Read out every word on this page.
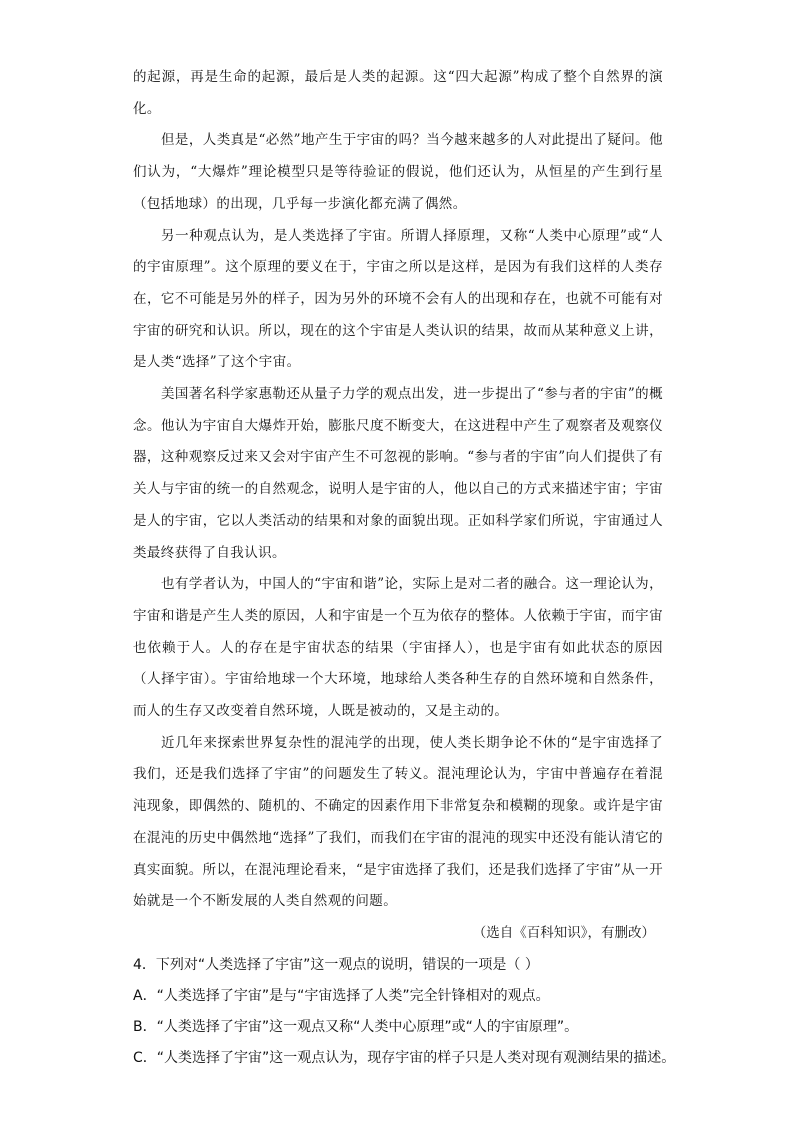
的起源，再是生命的起源，最后是人类的起源。这“四大起源”构成了整个自然界的演化。

但是，人类真是“必然”地产生于宇宙的吗？当今越来越多的人对此提出了疑问。他们认为，“大爆炸”理论模型只是等待验证的假说，他们还认为，从恒星的产生到行星（包括地球）的出现，几乎每一步演化都充满了偶然。

另一种观点认为，是人类选择了宇宙。所谓人择原理，又称“人类中心原理”或“人的宇宙原理”。这个原理的要义在于，宇宙之所以是这样，是因为有我们这样的人类存在，它不可能是另外的样子，因为另外的环境不会有人的出现和存在，也就不可能有对宇宙的研究和认识。所以，现在的这个宇宙是人类认识的结果，故而从某种意义上讲，是人类“选择”了这个宇宙。

美国著名科学家惠勒还从量子力学的观点出发，进一步提出了“参与者的宇宙”的概念。他认为宇宙自大爆炸开始，膨胀尺度不断变大，在这进程中产生了观察者及观察仪器，这种观察反过来又会对宇宙产生不可忽视的影响。“参与者的宇宙”向人们提供了有关人与宇宙的统一的自然观念，说明人是宇宙的人，他以自己的方式来描述宇宙；宇宙是人的宇宙，它以人类活动的结果和对象的面貌出现。正如科学家们所说，宇宙通过人类最终获得了自我认识。

也有学者认为，中国人的“宇宙和谐”论，实际上是对二者的融合。这一理论认为，宇宙和谐是产生人类的原因，人和宇宙是一个互为依存的整体。人依赖于宇宙，而宇宙也依赖于人。人的存在是宇宙状态的结果（宇宙择人），也是宇宙有如此状态的原因（人择宇宙）。宇宙给地球一个大环境，地球给人类各种生存的自然环境和自然条件，而人的生存又改变着自然环境，人既是被动的，又是主动的。

近几年来探索世界复杂性的混沌学的出现，使人类长期争论不休的“是宇宙选择了我们，还是我们选择了宇宙”的问题发生了转义。混沌理论认为，宇宙中普遍存在着混沌现象，即偶然的、随机的、不确定的因素作用下非常复杂和模糊的现象。或许是宇宙在混沌的历史中偶然地“选择”了我们，而我们在宇宙的混沌的现实中还没有能认清它的真实面貌。所以，在混沌理论看来，“是宇宙选择了我们，还是我们选择了宇宙”从一开始就是一个不断发展的人类自然观的问题。

（选自《百科知识》，有删改）

4．下列对“人类选择了宇宙”这一观点的说明，错误的一项是（ ）

A．“人类选择了宇宙”是与“宇宙选择了人类”完全针锋相对的观点。

B．“人类选择了宇宙”这一观点又称“人类中心原理”或“人的宇宙原理”。

C．“人类选择了宇宙”这一观点认为，现存宇宙的样子只是人类对现有观测结果的描述。
